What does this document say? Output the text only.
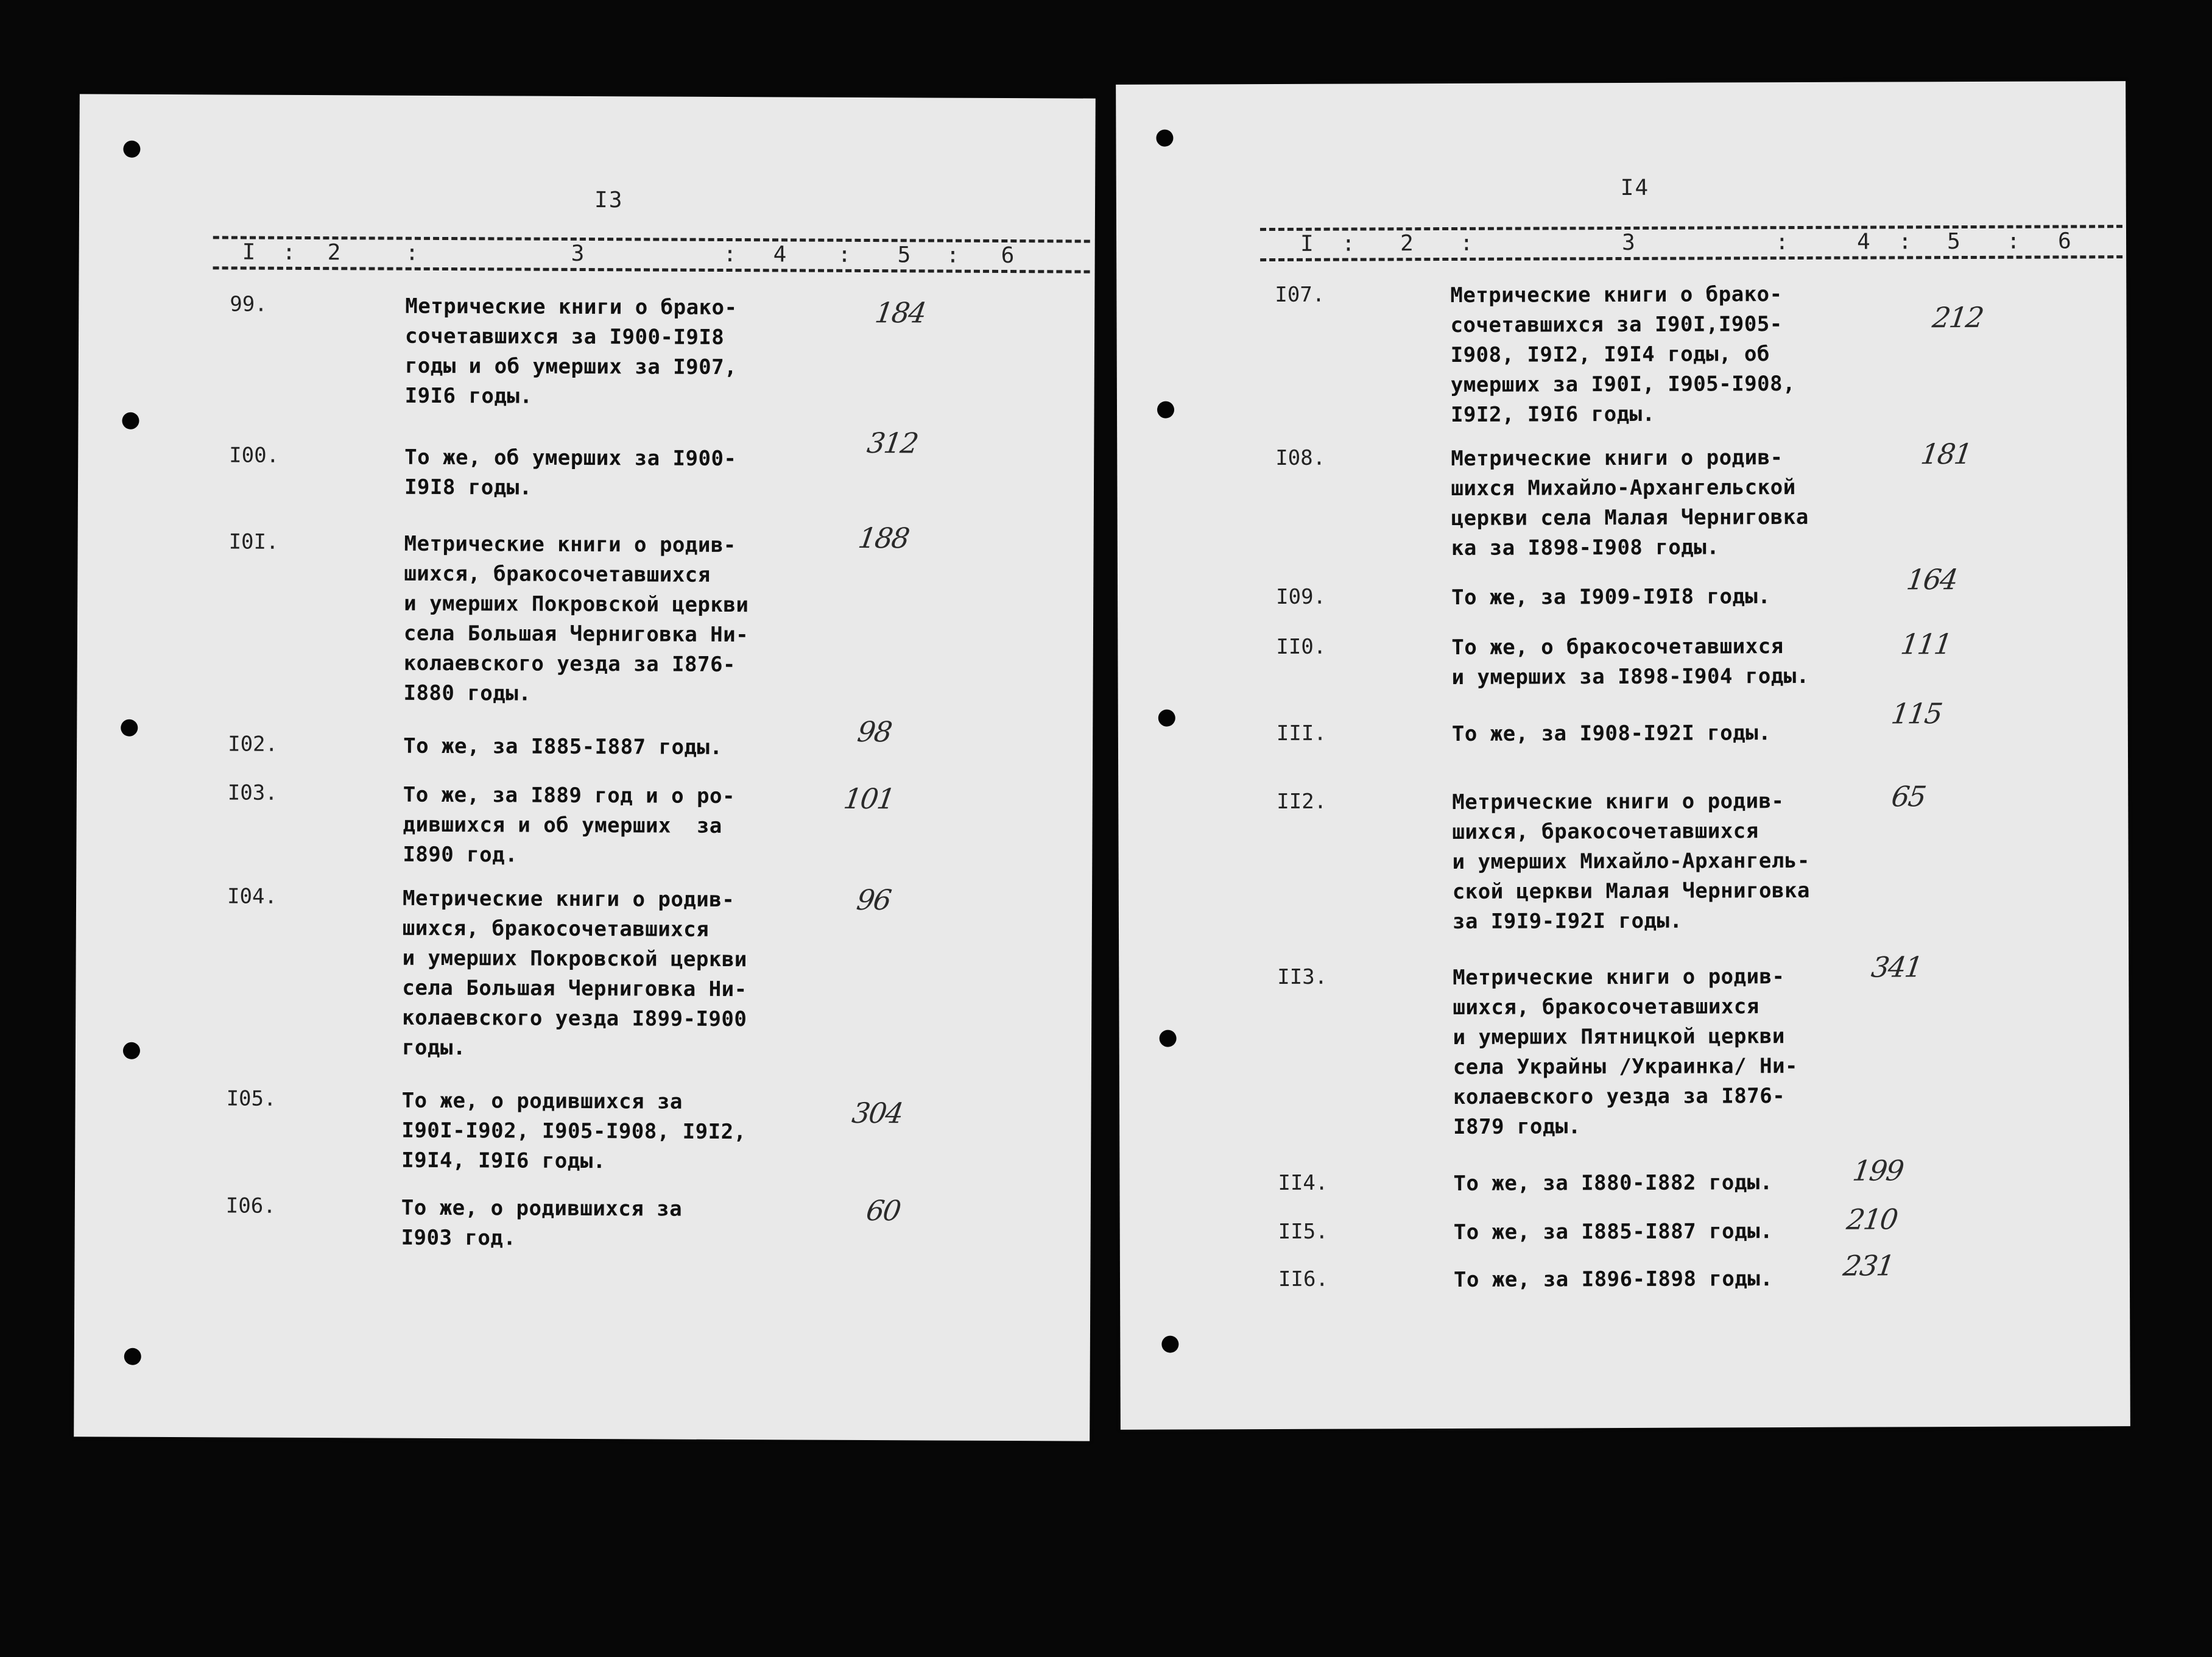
I3
I : 2	:	3	: 4 : 5 : 6
99.	Метрические книги о брако-
сочетавшихся за I900-I9I8
годы и об умерших за I907,
I9I6 годы.
184
I00.	То же, об умерших за I900-
I9I8 годы.
312
I0I.	Метрические книги о родив-
шихся, бракосочетавшихся
и умерших Покровской церкви
села Большая Черниговка Ни-
колаевского уезда за I876-
I880 годы.
188
I02.	То же, за I885-I887 годы.	98
I03.	То же, за I889 год и о ро-
дившихся и об умерших  за
I890 год.
101
I04.	Метрические книги о родив-
шихся, бракосочетавшихся
и умерших Покровской церкви
села Большая Черниговка Ни-
колаевского уезда I899-I900
годы.
96
I05.	То же, о родившихся за
I90I-I902, I905-I908, I9I2,
I9I4, I9I6 годы.
304
I06.	То же, о родившихся за
I903 год.
60
I4
I : 2 :	3	:	4 : 5 : 6
I07.	Метрические книги о брако-
сочетавшихся за I90I,I905-
I908, I9I2, I9I4 годы, об
умерших за I90I, I905-I908,
I9I2, I9I6 годы.
212
I08.	Метрические книги о родив-
шихся Михайло-Архангельской
церкви села Малая Черниговка
ка за I898-I908 годы.
181
I09.	То же, за I909-I9I8 годы.
164
II0.	То же, о бракосочетавшихся
и умерших за I898-I904 годы.
111
III.	То же, за I908-I92I годы.
115
II2.	Метрические книги о родив-
шихся, бракосочетавшихся
и умерших Михайло-Архангель-
ской церкви Малая Черниговка
за I9I9-I92I годы.
65
II3.	Метрические книги о родив-
шихся, бракосочетавшихся
и умерших Пятницкой церкви
села Украйны /Украинка/ Ни-
колаевского уезда за I876-
I879 годы.
341
II4.	То же, за I880-I882 годы.	199
II5.	То же, за I885-I887 годы.	210
II6.	То же, за I896-I898 годы. 231
